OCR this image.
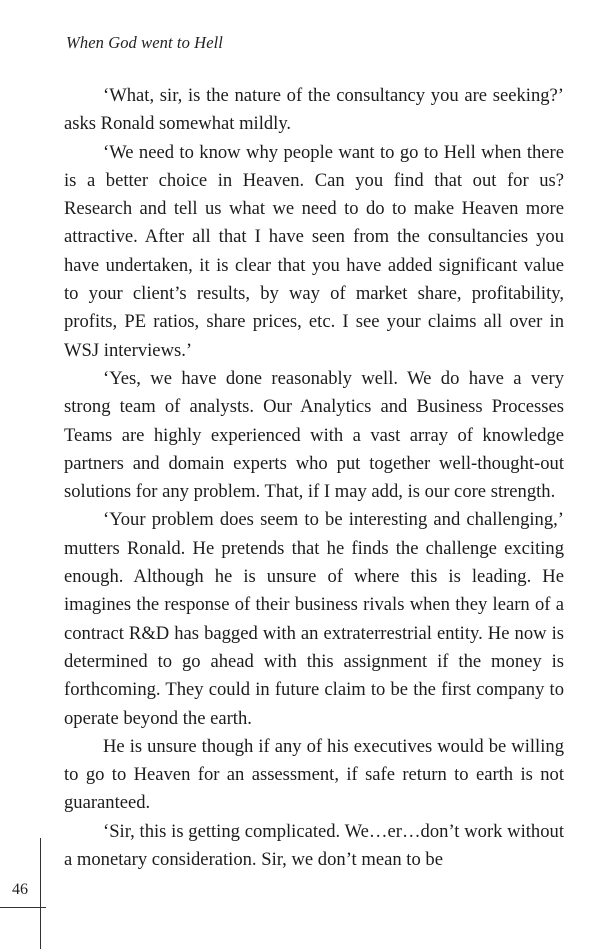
When God went to Hell

‘What, sir, is the nature of the consultancy you are seeking?’ asks Ronald somewhat mildly.

‘We need to know why people want to go to Hell when there is a better choice in Heaven. Can you find that out for us? Research and tell us what we need to do to make Heaven more attractive. After all that I have seen from the consultancies you have undertaken, it is clear that you have added significant value to your client’s results, by way of market share, profitability, profits, PE ratios, share prices, etc. I see your claims all over in WSJ interviews.’

‘Yes, we have done reasonably well. We do have a very strong team of analysts. Our Analytics and Business Processes Teams are highly experienced with a vast array of knowledge partners and domain experts who put together well-thought-out solutions for any problem. That, if I may add, is our core strength.

‘Your problem does seem to be interesting and challenging,’ mutters Ronald. He pretends that he finds the challenge exciting enough. Although he is unsure of where this is leading. He imagines the response of their business rivals when they learn of a contract R&D has bagged with an extraterrestrial entity. He now is determined to go ahead with this assignment if the money is forthcoming. They could in future claim to be the first company to operate beyond the earth.

He is unsure though if any of his executives would be willing to go to Heaven for an assessment, if safe return to earth is not guaranteed.

‘Sir, this is getting complicated. We…er…don’t work without a monetary consideration. Sir, we don’t mean to be

46
